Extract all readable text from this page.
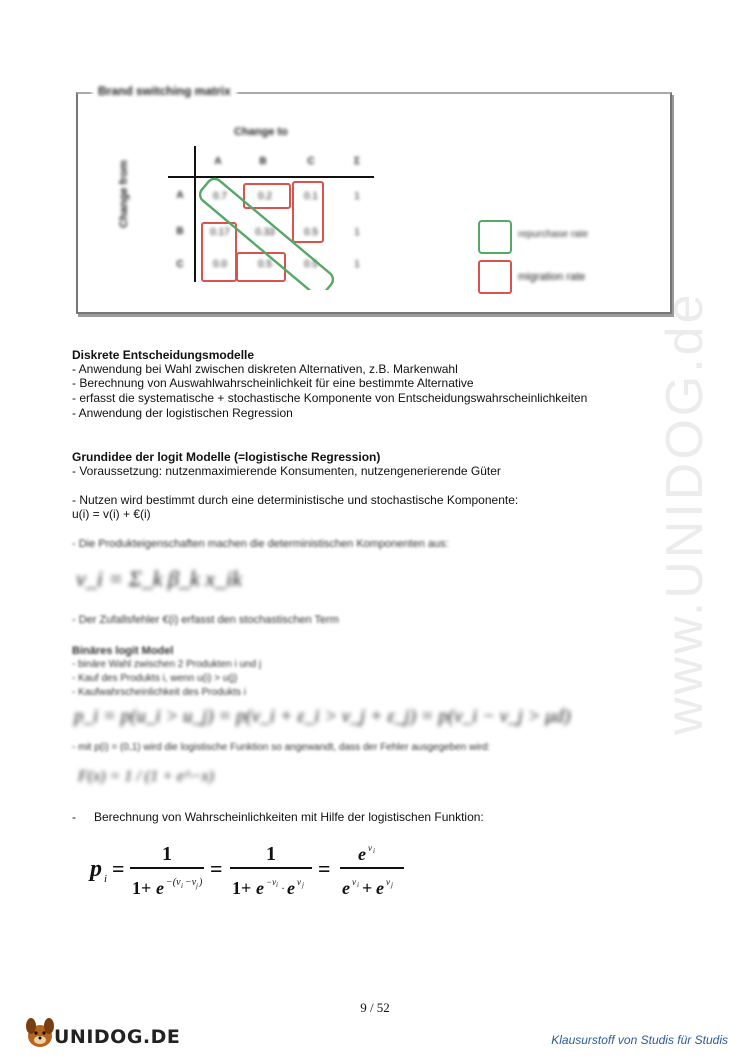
Brand switching matrix
Change to
Change from	A	B	C	Σ
A	0.7	0.2	0.1	1
B	0.17	0.33	0.5	1
C	0.0	0.5	0.5	1
repurchase rate
migration rate
www.UNIDOG.de
Diskrete Entscheidungsmodelle
- Anwendung bei Wahl zwischen diskreten Alternativen, z.B. Markenwahl
- Berechnung von Auswahlwahrscheinlichkeit für eine bestimmte Alternative
- erfasst die systematische + stochastische Komponente von Entscheidungswahrscheinlichkeiten
- Anwendung der logistischen Regression
Grundidee der logit Modelle (=logistische Regression)
- Voraussetzung: nutzenmaximierende Konsumenten, nutzengenerierende Güter
- Nutzen wird bestimmt durch eine deterministische und stochastische Komponente:
u(i) = v(i) + €(i)
- Die Produkteigenschaften machen die deterministischen Komponenten aus:
v_i = Σ_k β_k x_ik
- Der Zufallsfehler €(i) erfasst den stochastischen Term
Binäres logit Model
- binäre Wahl zwischen 2 Produkten i und j
- Kauf des Produkts i, wenn u(i) > u(j)
- Kaufwahrscheinlichkeit des Produkts i
p_i = p(u_i > u_j) = p(v_i + ε_i > v_j + ε_j) = p(v_i − v_j > μd)
- mit p(i) = (0,1) wird die logistische Funktion so angewandt, dass der Fehler ausgegeben wird:
F(x) = 1 / (1 + e^−x)
- Berechnung von Wahrscheinlichkeiten mit Hilfe der logistischen Funktion:
p i =
1
1+ e −(v i −v j )
=
1
1+ e −v i · e v j
=
e v i
e v i + e v j
9 / 52
UNIDOG.DE	Klausurstoff von Studis für Studis
